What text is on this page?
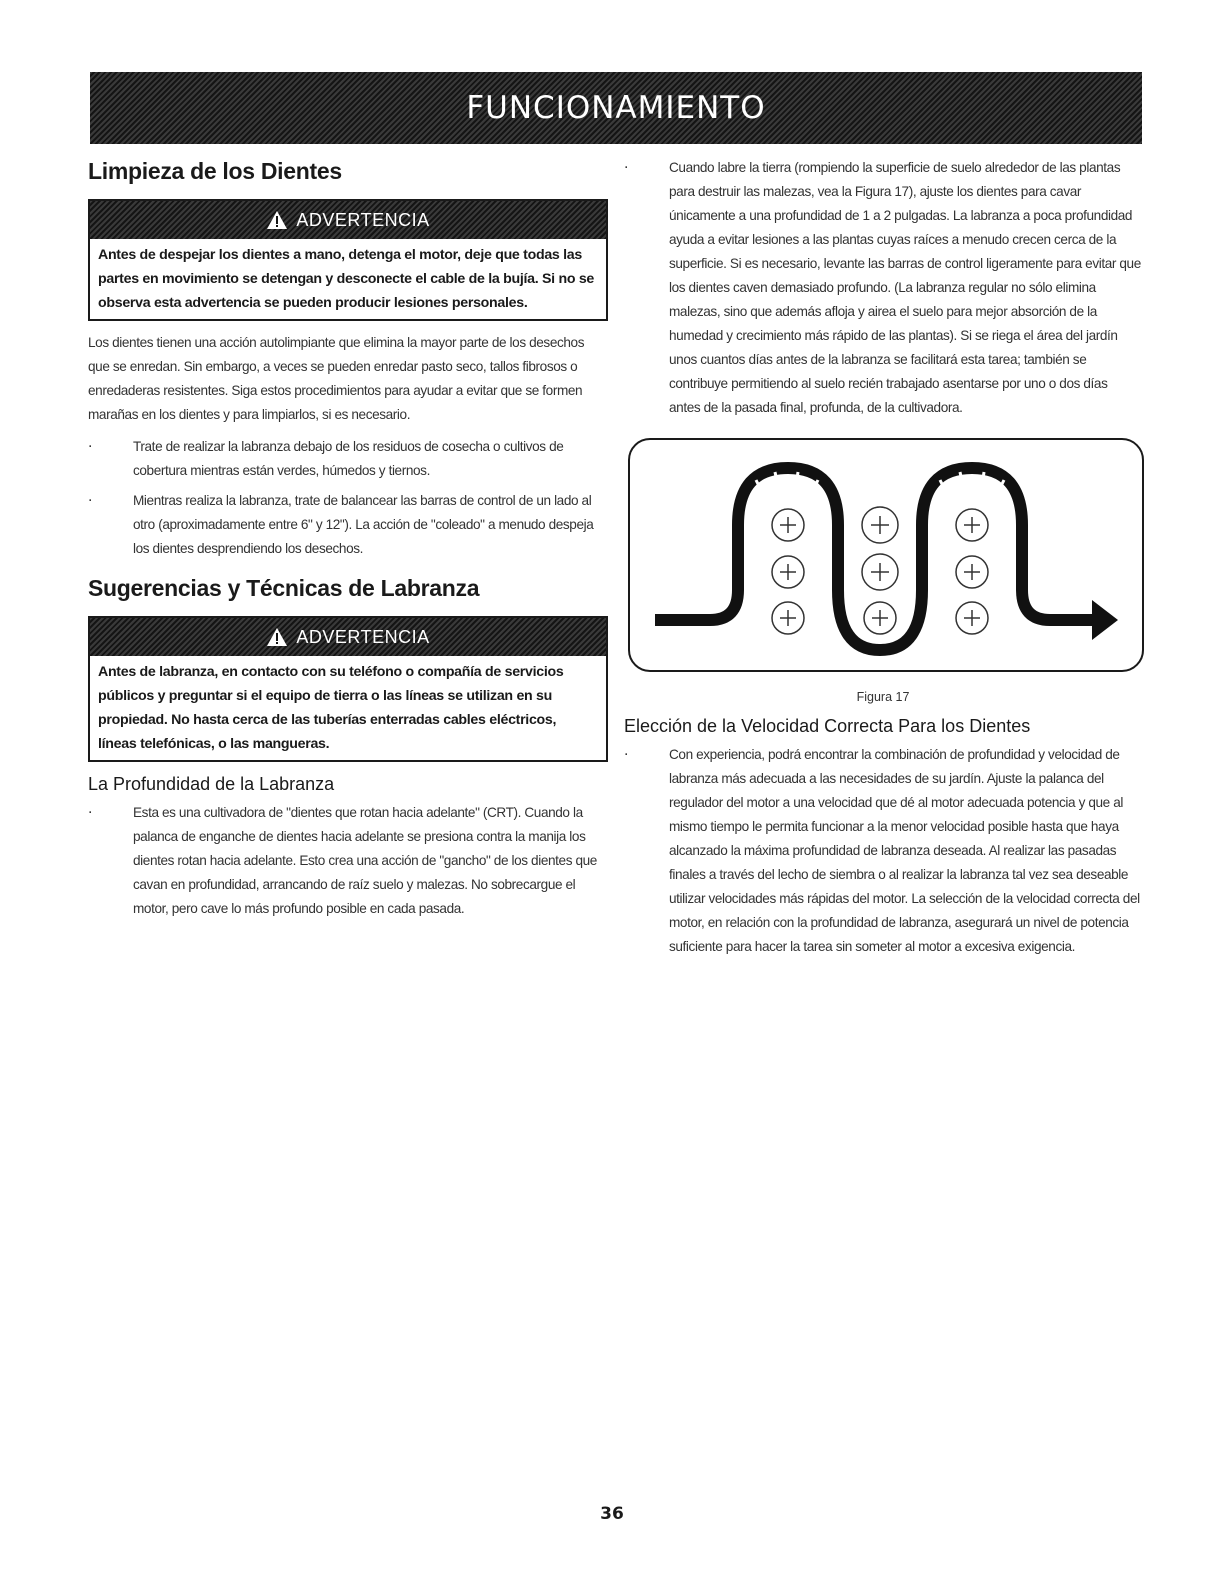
FUNCIONAMIENTO
Limpieza de los Dientes
ADVERTENCIA
Antes de despejar los dientes a mano, detenga el motor, deje que todas las partes en movimiento se detengan y desconecte el cable de la bujía. Si no se observa esta advertencia se pueden producir lesiones personales.

Los dientes tienen una acción autolimpiante que elimina la mayor parte de los desechos que se enredan. Sin embargo, a veces se pueden enredar pasto seco, tallos fibrosos o enredaderas resistentes. Siga estos procedimientos para ayudar a evitar que se formen marañas en los dientes y para limpiarlos, si es necesario.

. Trate de realizar la labranza debajo de los residuos de cosecha o cultivos de cobertura mientras están verdes, húmedos y tiernos.
. Mientras realiza la labranza, trate de balancear las barras de control de un lado al otro (aproximadamente entre 6" y 12"). La acción de "coleado" a menudo despeja los dientes desprendiendo los desechos.
Sugerencias y Técnicas de Labranza
ADVERTENCIA
Antes de labranza, en contacto con su teléfono o compañía de servicios públicos y preguntar si el equipo de tierra o las líneas se utilizan en su propiedad. No hasta cerca de las tuberías enterradas cables eléctricos, líneas telefónicas, o las mangueras.
La Profundidad de la Labranza
. Esta es una cultivadora de "dientes que rotan hacia adelante" (CRT). Cuando la palanca de enganche de dientes hacia adelante se presiona contra la manija los dientes rotan hacia adelante. Esto crea una acción de "gancho" de los dientes que cavan en profundidad, arrancando de raíz suelo y malezas. No sobrecargue el motor, pero cave lo más profundo posible en cada pasada.
. Cuando labre la tierra (rompiendo la superficie de suelo alrededor de las plantas para destruir las malezas, vea la Figura 17), ajuste los dientes para cavar únicamente a una profundidad de 1 a 2 pulgadas. La labranza a poca profundidad ayuda a evitar lesiones a las plantas cuyas raíces a menudo crecen cerca de la superficie. Si es necesario, levante las barras de control ligeramente para evitar que los dientes caven demasiado profundo. (La labranza regular no sólo elimina malezas, sino que además afloja y airea el suelo para mejor absorción de la humedad y crecimiento más rápido de las plantas). Si se riega el área del jardín unos cuantos días antes de la labranza se facilitará esta tarea; también se contribuye permitiendo al suelo recién trabajado asentarse por uno o dos días antes de la pasada final, profunda, de la cultivadora.
Figura 17
Elección de la Velocidad Correcta Para los Dientes
. Con experiencia, podrá encontrar la combinación de profundidad y velocidad de labranza más adecuada a las necesidades de su jardín. Ajuste la palanca del regulador del motor a una velocidad que dé al motor adecuada potencia y que al mismo tiempo le permita funcionar a la menor velocidad posible hasta que haya alcanzado la máxima profundidad de labranza deseada. Al realizar las pasadas finales a través del lecho de siembra o al realizar la labranza tal vez sea deseable utilizar velocidades más rápidas del motor. La selección de la velocidad correcta del motor, en relación con la profundidad de labranza, asegurará un nivel de potencia suficiente para hacer la tarea sin someter al motor a excesiva exigencia.
36
